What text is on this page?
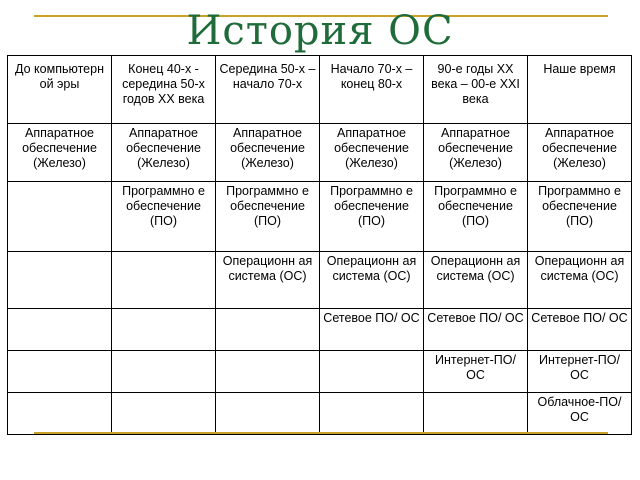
История ОС
До компьютерн ой эры	Конец 40-х - середина 50-х годов XX века	Середина 50-х – начало 70-х	Начало 70-х – конец 80-х	90-е годы XX века – 00-е XXI века	Наше время
Аппаратное обеспечение (Железо)	Аппаратное обеспечение (Железо)	Аппаратное обеспечение (Железо)	Аппаратное обеспечение (Железо)	Аппаратное обеспечение (Железо)	Аппаратное обеспечение (Железо)
	Программно е обеспечение (ПО)	Программно е обеспечение (ПО)	Программно е обеспечение (ПО)	Программно е обеспечение (ПО)	Программно е обеспечение (ПО)
		Операционн ая система (ОС)	Операционн ая система (ОС)	Операционн ая система (ОС)	Операционн ая система (ОС)
			Сетевое ПО/ ОС	Сетевое ПО/ ОС	Сетевое ПО/ ОС
				Интернет-ПО/ОС	Интернет-ПО/ОС
					Облачное-ПО/ОС
